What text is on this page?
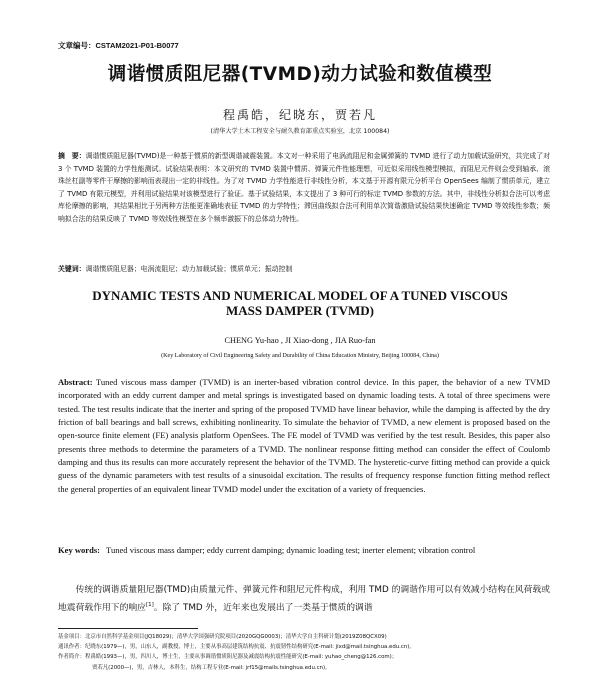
文章编号：CSTAM2021-P01-B0077
调谐惯质阻尼器(TVMD)动力试验和数值模型
程禹皓，纪晓东，贾若凡
(清华大学土木工程安全与耐久教育部重点实验室，北京 100084)
摘　要：调谐惯质阻尼器(TVMD)是一种基于惯质的新型调谐减震装置。本文对一种采用了电涡流阻尼和金属弹簧的 TVMD 进行了动力加载试验研究，共完成了对 3 个 TVMD 装置的力学性能测试。试验结果表明：本文研究的 TVMD 装置中惯质、弹簧元件性能理想，可近似采用线性模型模拟，而阻尼元件则会受到轴承、滚珠丝杠副等零件干摩擦的影响而表现出一定的非线性。为了对 TVMD 力学性能进行非线性分析，本文基于开源有限元分析平台 OpenSees 编制了惯质单元，建立了 TVMD 有限元模型，并利用试验结果对该模型进行了验证。基于试验结果，本文提出了 3 种可行的标定 TVMD 参数的方法。其中，非线性分析拟合法可以考虑库伦摩擦的影响，其结果相比于另两种方法能更准确地表征 TVMD 的力学特性；滞回曲线拟合法可利用单次简谐激励试验结果快速确定 TVMD 等效线性参数；频响拟合法的结果反映了 TVMD 等效线性模型在多个频率激振下的总体动力特性。
关键词：调谐惯质阻尼器；电涡流阻尼；动力加载试验；惯质单元；振动控制
DYNAMIC TESTS AND NUMERICAL MODEL OF A TUNED VISCOUS
MASS DAMPER (TVMD)
CHENG Yu-hao , JI Xiao-dong , JIA Ruo-fan
(Key Laboratory of Civil Engineering Safety and Durability of China Education Ministry, Beijing 100084, China)
Abstract: Tuned viscous mass damper (TVMD) is an inerter-based vibration control device. In this paper, the behavior of a new TVMD incorporated with an eddy current damper and metal springs is investigated based on dynamic loading tests. A total of three specimens were tested. The test results indicate that the inerter and spring of the proposed TVMD have linear behavior, while the damping is affected by the dry friction of ball bearings and ball screws, exhibiting nonlinearity. To simulate the behavior of TVMD, a new element is proposed based on the open-source finite element (FE) analysis platform OpenSees. The FE model of TVMD was verified by the test result. Besides, this paper also presents three methods to determine the parameters of a TVMD. The nonlinear response fitting method can consider the effect of Coulomb damping and thus its results can more accurately represent the behavior of the TVMD. The hysteretic-curve fitting method can provide a quick guess of the dynamic parameters with test results of a sinusoidal excitation. The results of frequency response function fitting method reflect the general properties of an equivalent linear TVMD model under the excitation of a variety of frequencies.
Key words: Tuned viscous mass damper; eddy current damping; dynamic loading test; inerter element; vibration control
传统的调谐质量阻尼器(TMD)由质量元件、弹簧元件和阻尼元件构成，利用 TMD 的调谐作用可以有效减小结构在风荷载或地震荷载作用下的响应[1]。除了 TMD 外，近年来也发展出了一类基于惯质的调谐
基金项目：北京市自然科学基金项目(JQ18029)；清华大学国强研究院项目(2020GQG0003)；清华大学自主科研计划(2019Z08QCX09)
通讯作者：纪晓东(1979—)，男，山东人，副教授，博士，主要从事高层建筑结构抗震、抗震韧性结构研究(E-mail: jixd@mail.tsinghua.edu.cn)。
作者简介：程禹皓(1993—)，男，四川人，博士生，主要从事调谐惯质阻尼器及减震结构抗震性能研究(E-mail: yuhao_cheng@126.com)；
贾若凡(2000—)，男，吉林人，本科生，结构工程专业(E-mail: jrf15@mails.tsinghua.edu.cn)。
